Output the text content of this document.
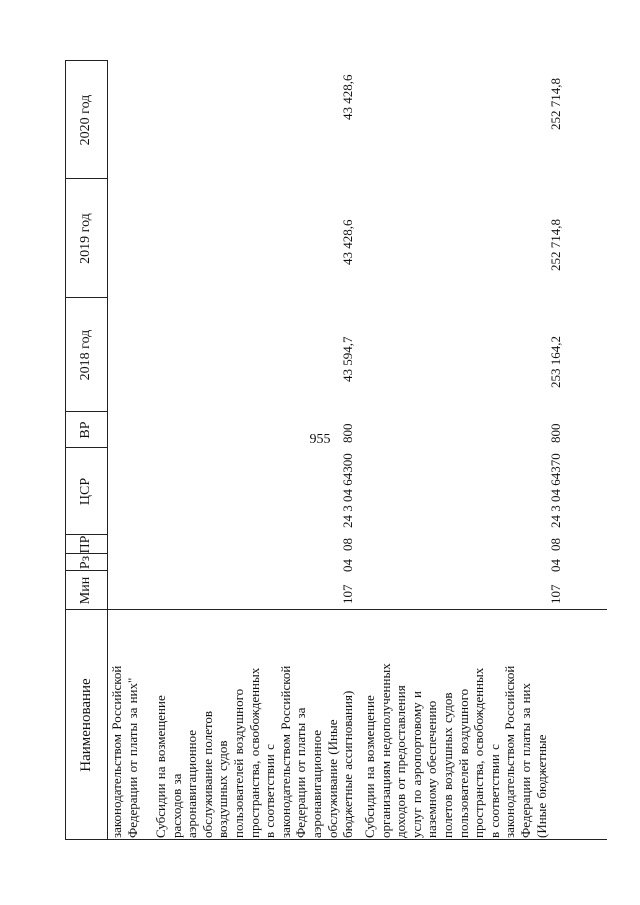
955
Наименование
Мин
Рз
ПР
ЦСР
ВР
2018 год
2019 год
2020 год
законодательством Российской Федерации от платы за них" Субсидии на возмещение расходов за аэронавигационное обслуживание полетов воздушных судов пользователей воздушного пространства, освобожденных в соответствии с законодательством Российской Федерации от платы за аэронавигационное обслуживание (Иные бюджетные ассигнования)
107
04
08
24 3 04 64300
800
43 594,7
43 428,6
43 428,6
Субсидии на возмещение организациям недополученных доходов от предоставления услуг по аэропортовому и наземному обеспечению полетов воздушных судов пользователей воздушного пространства, освобожденных в соответствии с законодательством Российской Федерации от платы за них (Иные бюджетные
107
04
08
24 3 04 64370
800
253 164,2
252 714,8
252 714,8
